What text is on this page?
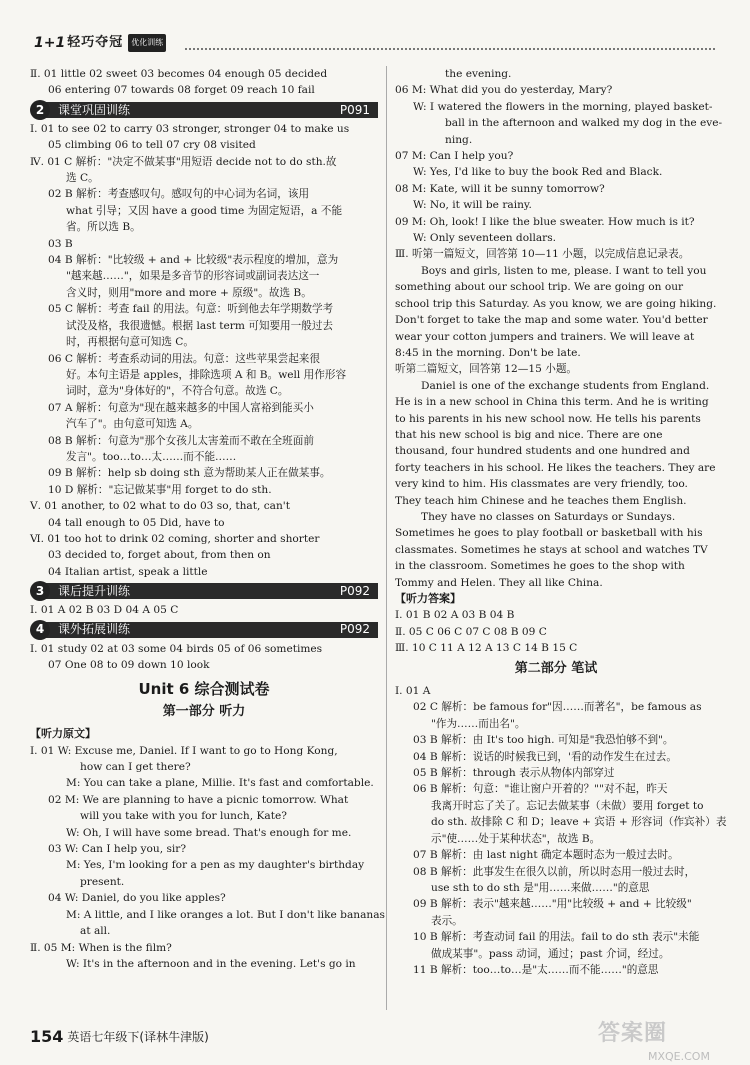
1+1 轻巧夺冠	优化训练
Ⅱ. 01 little 02 sweet 03 becomes 04 enough 05 decided
06 entering 07 towards 08 forget 09 reach 10 fail
2	课堂巩固训练	P091
Ⅰ. 01 to see 02 to carry 03 stronger, stronger 04 to make us
05 climbing 06 to tell 07 cry 08 visited
Ⅳ. 01 C 解析："决定不做某事"用短语 decide not to do sth.故
选 C。
02 B 解析：考查感叹句。感叹句的中心词为名词，该用
what 引导；又因 have a good time 为固定短语，a 不能
省。所以选 B。
03 B
04 B 解析："比较级 + and + 比较级"表示程度的增加，意为
"越来越……"，如果是多音节的形容词或副词表达这一
含义时，则用"more and more + 原级"。故选 B。
05 C 解析：考查 fail 的用法。句意：听到他去年学期数学考
试没及格，我很遗憾。根据 last term 可知要用一般过去
时，再根据句意可知选 C。
06 C 解析：考查系动词的用法。句意：这些苹果尝起来很
好。本句主语是 apples，排除选项 A 和 B。well 用作形容
词时，意为"身体好的"，不符合句意。故选 C。
07 A 解析：句意为"现在越来越多的中国人富裕到能买小
汽车了"。由句意可知选 A。
08 B 解析：句意为"那个女孩儿太害羞而不敢在全班面前
发言"。too…to…太……而不能……
09 B 解析：help sb doing sth 意为帮助某人正在做某事。
10 D 解析："忘记做某事"用 forget to do sth.
Ⅴ. 01 another, to 02 what to do 03 so, that, can't
04 tall enough to 05 Did, have to
Ⅵ. 01 too hot to drink 02 coming, shorter and shorter
03 decided to, forget about, from then on
04 Italian artist, speak a little
3	课后提升训练	P092
Ⅰ. 01 A 02 B 03 D 04 A 05 C
4	课外拓展训练	P092
Ⅰ. 01 study 02 at 03 some 04 birds 05 of 06 sometimes
07 One 08 to 09 down 10 look
Unit 6 综合测试卷
第一部分 听力
【听力原文】
Ⅰ. 01 W: Excuse me, Daniel. If I want to go to Hong Kong,
how can I get there?
M: You can take a plane, Millie. It's fast and comfortable.
02 M: We are planning to have a picnic tomorrow. What
will you take with you for lunch, Kate?
W: Oh, I will have some bread. That's enough for me.
03 W: Can I help you, sir?
M: Yes, I'm looking for a pen as my daughter's birthday
present.
04 W: Daniel, do you like apples?
M: A little, and I like oranges a lot. But I don't like bananas
at all.
Ⅱ. 05 M: When is the film?
W: It's in the afternoon and in the evening. Let's go in
the evening.
06 M: What did you do yesterday, Mary?
W: I watered the flowers in the morning, played basket-
ball in the afternoon and walked my dog in the eve-
ning.
07 M: Can I help you?
W: Yes, I'd like to buy the book Red and Black.
08 M: Kate, will it be sunny tomorrow?
W: No, it will be rainy.
09 M: Oh, look! I like the blue sweater. How much is it?
W: Only seventeen dollars.
Ⅲ. 听第一篇短文，回答第 10—11 小题，以完成信息记录表。
Boys and girls, listen to me, please. I want to tell you something about our school trip. We are going on our school trip this Saturday. As you know, we are going hiking. Don't forget to take the map and some water. You'd better wear your cotton jumpers and trainers. We will leave at 8:45 in the morning. Don't be late.
听第二篇短文，回答第 12—15 小题。
Daniel is one of the exchange students from England. He is in a new school in China this term. And he is writing to his parents in his new school now. He tells his parents that his new school is big and nice. There are one thousand, four hundred students and one hundred and forty teachers in his school. He likes the teachers. They are very kind to him. His classmates are very friendly, too. They teach him Chinese and he teaches them English.
They have no classes on Saturdays or Sundays. Sometimes he goes to play football or basketball with his classmates. Sometimes he stays at school and watches TV in the classroom. Sometimes he goes to the shop with Tommy and Helen. They all like China.
【听力答案】
Ⅰ. 01 B 02 A 03 B 04 B
Ⅱ. 05 C 06 C 07 C 08 B 09 C
Ⅲ. 10 C 11 A 12 A 13 C 14 B 15 C
第二部分 笔试
Ⅰ. 01 A
02 C 解析：be famous for"因……而著名"，be famous as
"作为……而出名"。
03 B 解析：由 It's too high. 可知是"我恐怕够不到"。
04 B 解析：说话的时候我已到，'看的动作发生在过去。
05 B 解析：through 表示从物体内部穿过
06 B 解析：句意："谁让窗户开着的？""对不起，昨天
我离开时忘了关了。忘记去做某事（未做）要用 forget to
do sth. 故排除 C 和 D；leave + 宾语 + 形容词（作宾补）表
示"使……处于某种状态"，故选 B。
07 B 解析：由 last night 确定本题时态为一般过去时。
08 B 解析：此事发生在很久以前，所以时态用一般过去时，
use sth to do sth 是"用……来做……"的意思
09 B 解析：表示"越来越……"用"比较级 + and + 比较级"
表示。
10 B 解析：考查动词 fail 的用法。fail to do sth 表示"未能
做成某事"。pass 动词，通过；past 介词，经过。
11 B 解析：too…to…是"太……而不能……"的意思
154 英语七年级下(译林牛津版)	答案圈
MXQE.COM
